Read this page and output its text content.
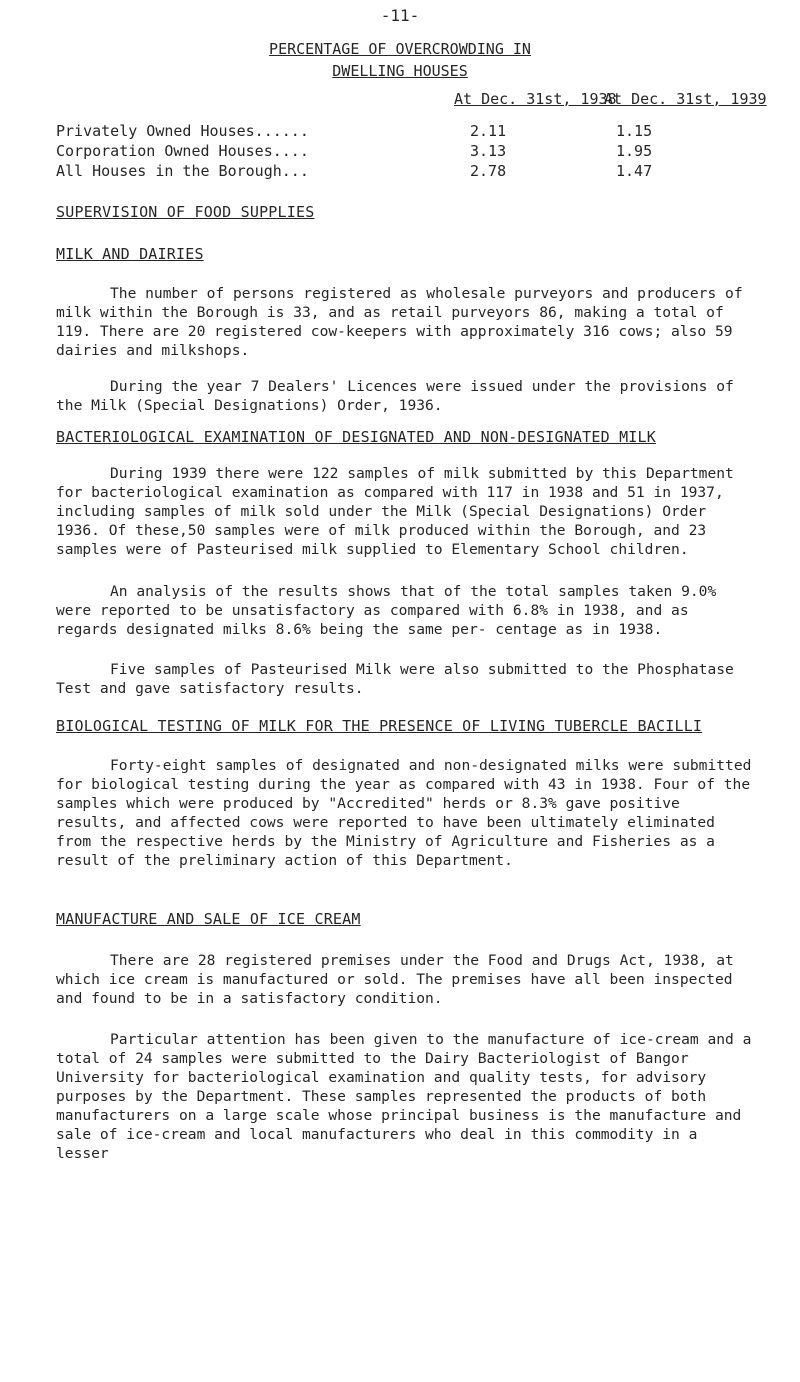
-11-
PERCENTAGE OF OVERCROWDING IN
DWELLING HOUSES
At Dec. 31st, 1938
At Dec. 31st, 1939
Privately Owned Houses......	2.11	1.15
Corporation Owned Houses....	3.13	1.95
All Houses in the Borough...	2.78	1.47
SUPERVISION OF FOOD SUPPLIES
MILK AND DAIRIES

The number of persons registered as wholesale purveyors and producers of milk within the Borough is 33, and as retail purveyors 86, making a total of 119. There are 20 registered cow-keepers with approximately 316 cows; also 59 dairies and milkshops.

During the year 7 Dealers' Licences were issued under the provisions of the Milk (Special Designations) Order, 1936.

BACTERIOLOGICAL EXAMINATION OF DESIGNATED AND NON-DESIGNATED MILK

During 1939 there were 122 samples of milk submitted by this Department for bacteriological examination as compared with 117 in 1938 and 51 in 1937, including samples of milk sold under the Milk (Special Designations) Order 1936. Of these,50 samples were of milk produced within the Borough, and 23 samples were of Pasteurised milk supplied to Elementary School children.

An analysis of the results shows that of the total samples taken 9.0% were reported to be unsatisfactory as compared with 6.8% in 1938, and as regards designated milks 8.6% being the same per- centage as in 1938.

Five samples of Pasteurised Milk were also submitted to the Phosphatase Test and gave satisfactory results.

BIOLOGICAL TESTING OF MILK FOR THE PRESENCE OF LIVING TUBERCLE BACILLI

Forty-eight samples of designated and non-designated milks were submitted for biological testing during the year as compared with 43 in 1938. Four of the samples which were produced by "Accredited" herds or 8.3% gave positive results, and affected cows were reported to have been ultimately eliminated from the respective herds by the Ministry of Agriculture and Fisheries as a result of the preliminary action of this Department.

MANUFACTURE AND SALE OF ICE CREAM

There are 28 registered premises under the Food and Drugs Act, 1938, at which ice cream is manufactured or sold. The premises have all been inspected and found to be in a satisfactory condition.

Particular attention has been given to the manufacture of ice-cream and a total of 24 samples were submitted to the Dairy Bacteriologist of Bangor University for bacteriological examination and quality tests, for advisory purposes by the Department. These samples represented the products of both manufacturers on a large scale whose principal business is the manufacture and sale of ice-cream and local manufacturers who deal in this commodity in a lesser
